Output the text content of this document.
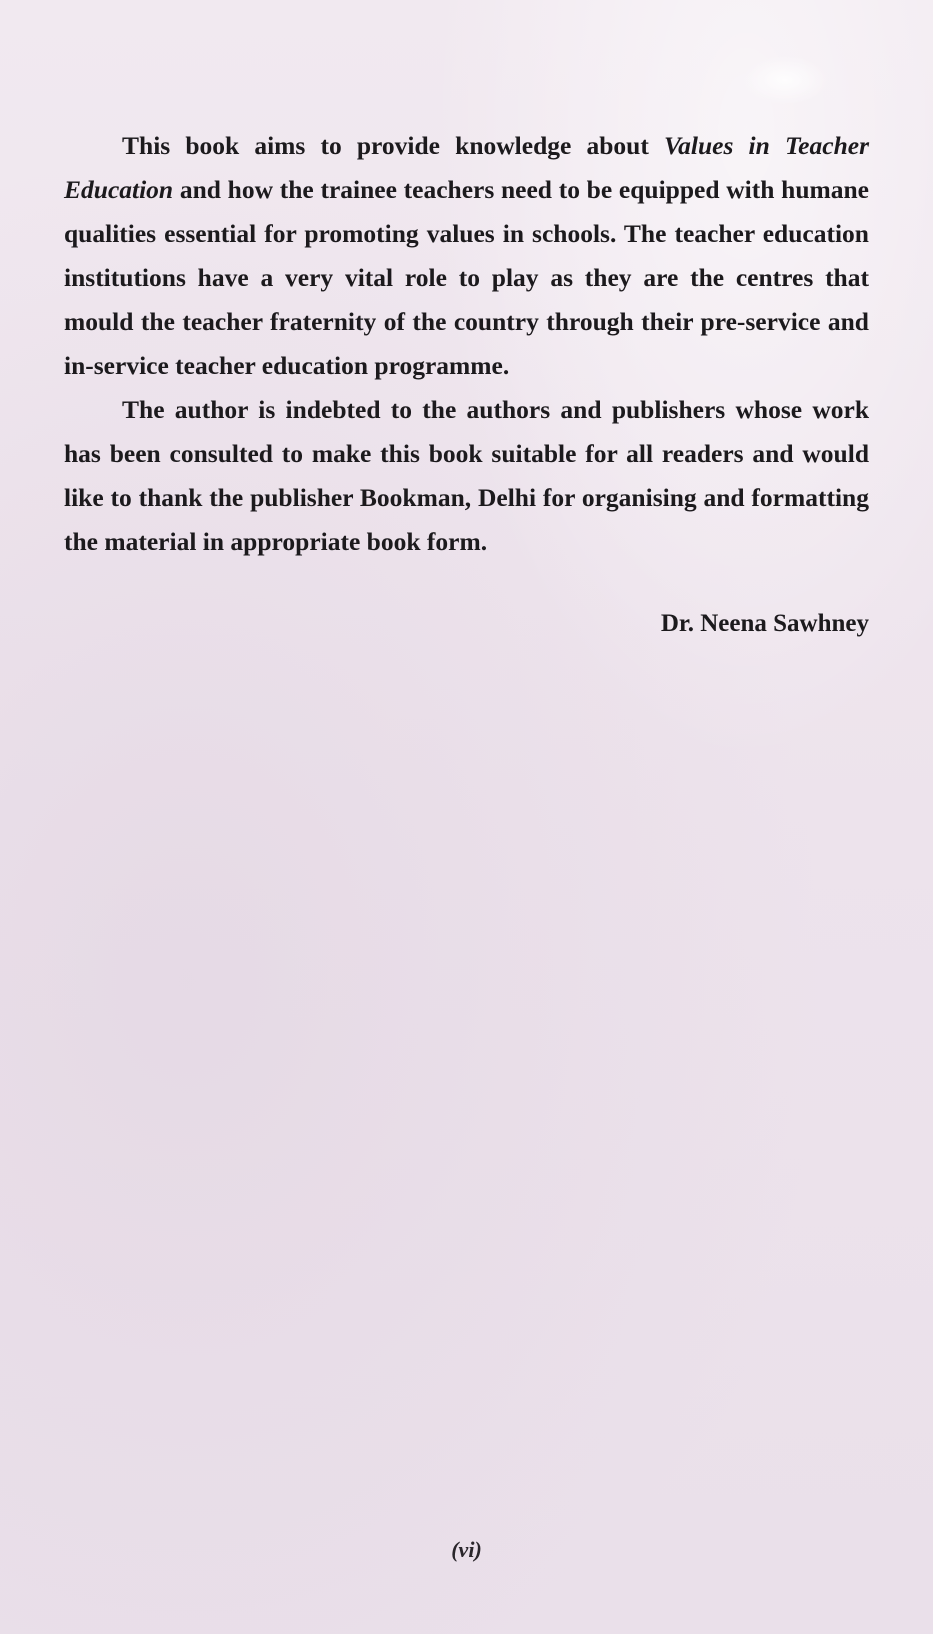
This book aims to provide knowledge about Values in Teacher Education and how the trainee teachers need to be equipped with humane qualities essential for promoting values in schools. The teacher education institutions have a very vital role to play as they are the centres that mould the teacher fraternity of the country through their pre-service and in-service teacher education programme.

The author is indebted to the authors and publishers whose work has been consulted to make this book suitable for all readers and would like to thank the publisher Bookman, Delhi for organising and formatting the material in appropriate book form.

Dr. Neena Sawhney
(vi)
